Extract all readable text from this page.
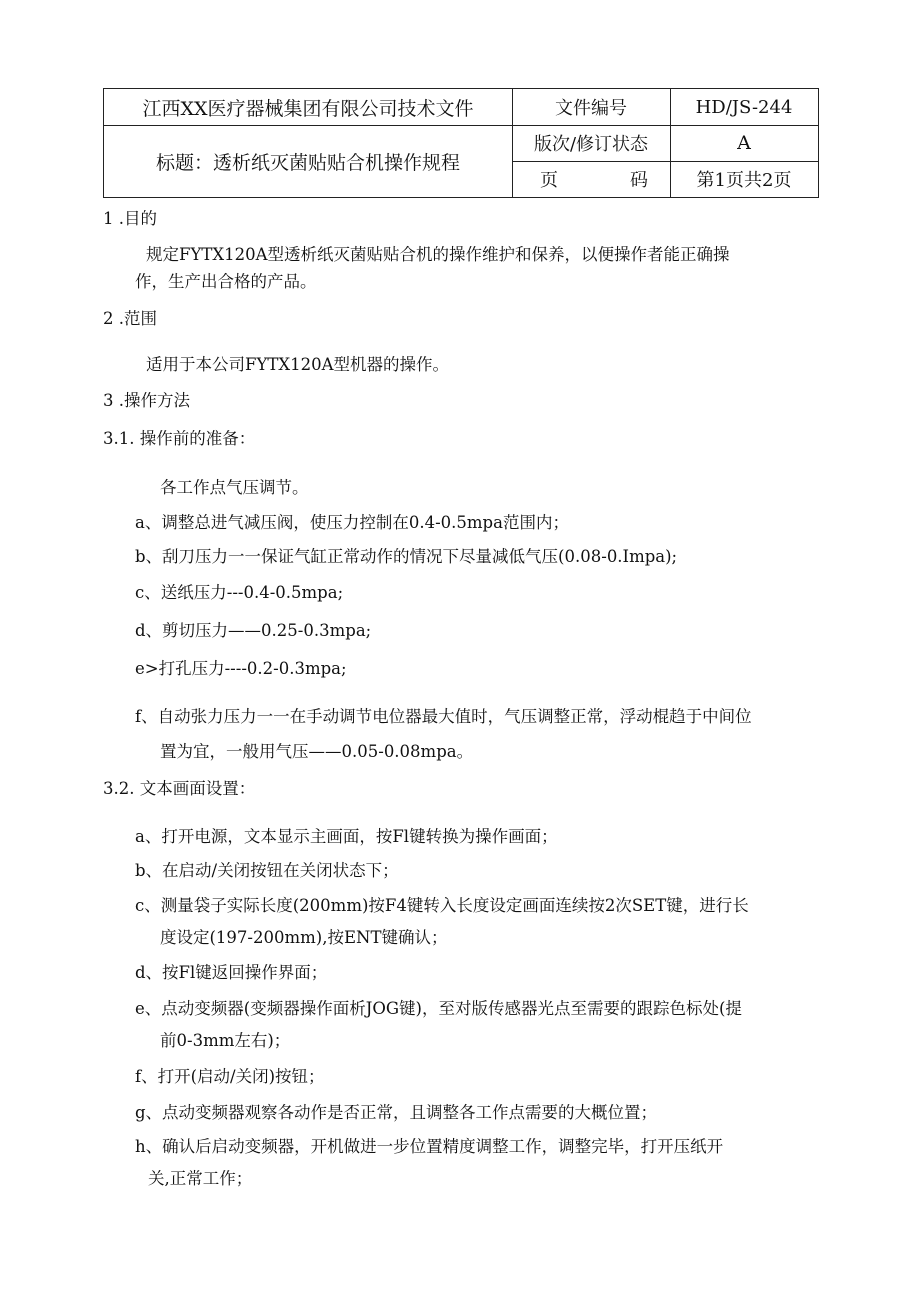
江西XX医疗器械集团有限公司技术文件
标题：透析纸灭菌贴贴合机操作规程
文件编号	HD/JS-244
版次/修订状态	A
页	码	第1页共2页
1 .目的
规定FYTX120A型透析纸灭菌贴贴合机的操作维护和保养，以便操作者能正确操
作，生产出合格的产品。
2 .范围
适用于本公司FYTX120A型机器的操作。
3 .操作方法
3.1. 操作前的准备：
各工作点气压调节。
a、调整总进气减压阀，使压力控制在0.4-0.5mpa范围内；
b、刮刀压力一一保证气缸正常动作的情况下尽量减低气压(0.08-0.Impa);
c、送纸压力---0.4-0.5mpa;
d、剪切压力——0.25-0.3mpa;
e>打孔压力----0.2-0.3mpa;
f、自动张力压力一一在手动调节电位器最大值时，气压调整正常，浮动棍趋于中间位
置为宜，一般用气压——0.05-0.08mpa。
3.2. 文本画面设置：
a、打开电源，文本显示主画面，按Fl键转换为操作画面；
b、在启动/关闭按钮在关闭状态下；
c、测量袋子实际长度(200mm)按F4键转入长度设定画面连续按2次SET键，进行长
度设定(197-200mm),按ENT键确认；
d、按Fl键返回操作界面；
e、点动变频器(变频器操作面析JOG键)，至对版传感器光点至需要的跟踪色标处(提
前0-3mm左右)；
f、打开(启动/关闭)按钮；
g、点动变频器观察各动作是否正常，且调整各工作点需要的大概位置；
h、确认后启动变频器，开机做进一步位置精度调整工作，调整完毕，打开压纸开
关,正常工作；
